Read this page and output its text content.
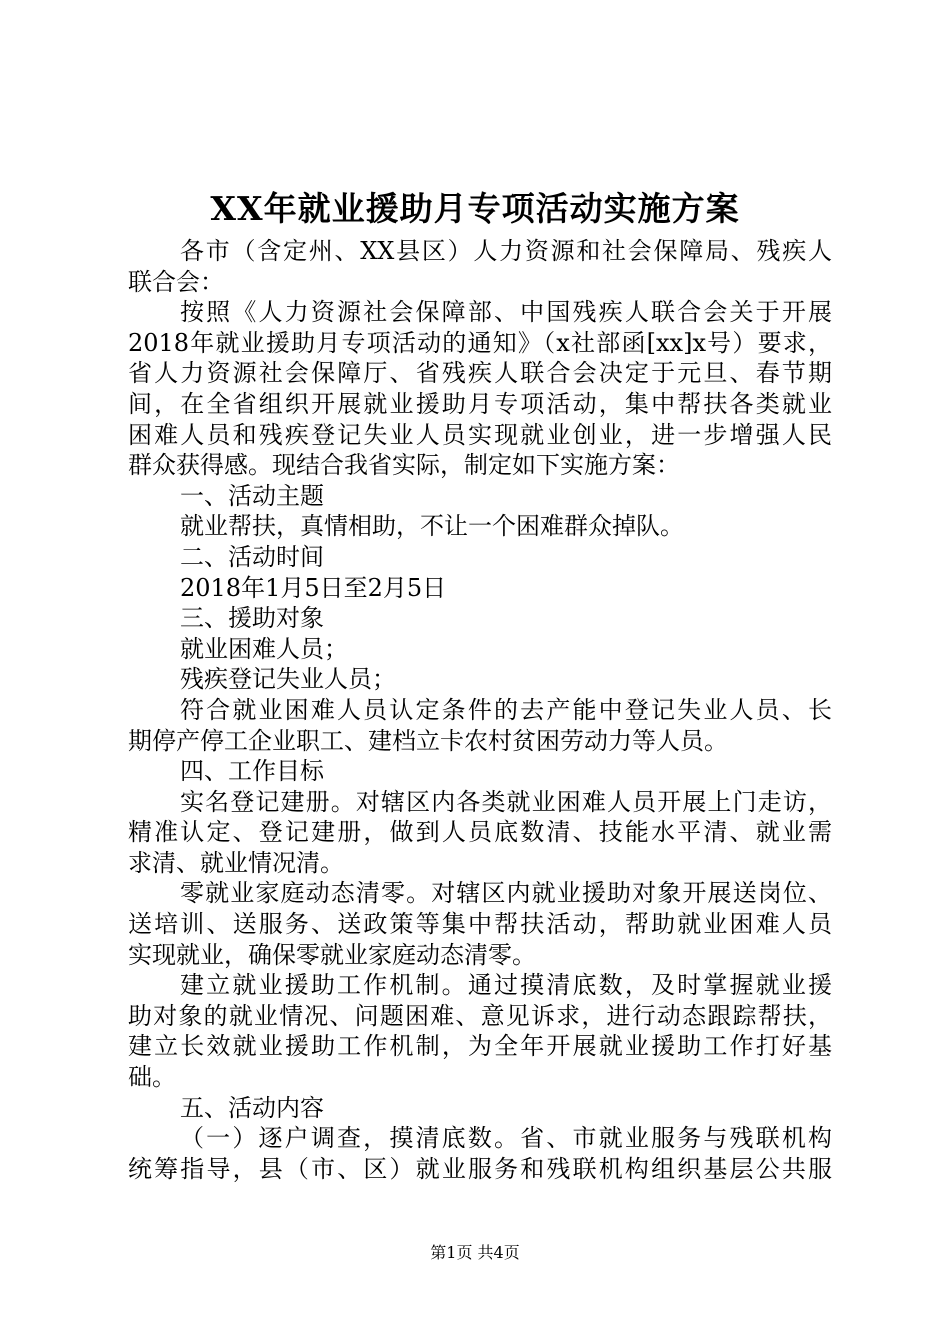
XX年就业援助月专项活动实施方案
各市（含定州、XX县区）人力资源和社会保障局、残疾人
联合会：
按照《人力资源社会保障部、中国残疾人联合会关于开展
2018年就业援助月专项活动的通知》（x社部函[xx]x号）要求，
省人力资源社会保障厅、省残疾人联合会决定于元旦、春节期
间，在全省组织开展就业援助月专项活动，集中帮扶各类就业
困难人员和残疾登记失业人员实现就业创业，进一步增强人民
群众获得感。现结合我省实际，制定如下实施方案：
一、活动主题
就业帮扶，真情相助，不让一个困难群众掉队。
二、活动时间
2018年1月5日至2月5日
三、援助对象
就业困难人员；
残疾登记失业人员；
符合就业困难人员认定条件的去产能中登记失业人员、长
期停产停工企业职工、建档立卡农村贫困劳动力等人员。
四、工作目标
实名登记建册。对辖区内各类就业困难人员开展上门走访，
精准认定、登记建册，做到人员底数清、技能水平清、就业需
求清、就业情况清。
零就业家庭动态清零。对辖区内就业援助对象开展送岗位、
送培训、送服务、送政策等集中帮扶活动，帮助就业困难人员
实现就业，确保零就业家庭动态清零。
建立就业援助工作机制。通过摸清底数，及时掌握就业援
助对象的就业情况、问题困难、意见诉求，进行动态跟踪帮扶，
建立长效就业援助工作机制，为全年开展就业援助工作打好基
础。
五、活动内容
（一）逐户调查，摸清底数。省、市就业服务与残联机构
统筹指导，县（市、区）就业服务和残联机构组织基层公共服
第1页 共4页
